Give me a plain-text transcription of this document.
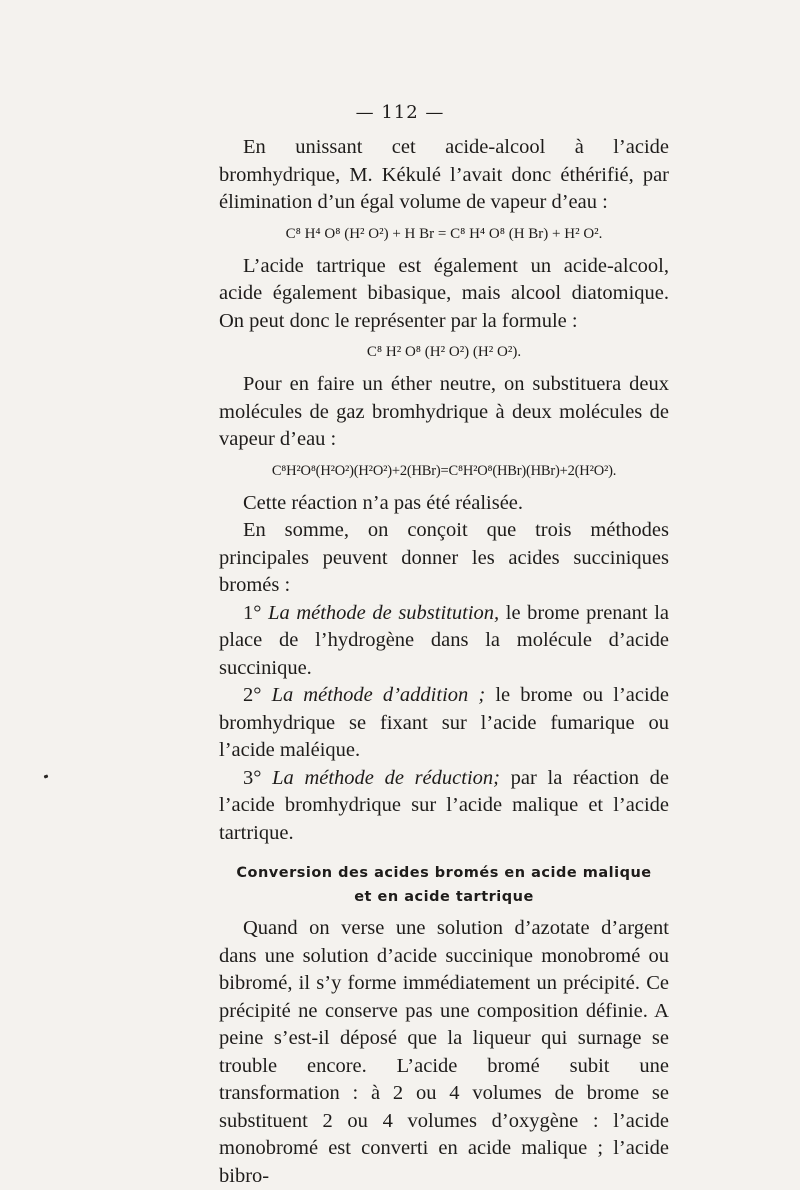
— 112 —

En unissant cet acide-alcool à l’acide bromhydrique, M. Kékulé l’avait donc éthérifié, par élimination d’un égal volume de vapeur d’eau :

C⁸ H⁴ O⁸ (H² O²) + H Br = C⁸ H⁴ O⁸ (H Br) + H² O².

L’acide tartrique est également un acide-alcool, acide également bibasique, mais alcool diatomique. On peut donc le représenter par la formule :

C⁸ H² O⁸ (H² O²) (H² O²).

Pour en faire un éther neutre, on substituera deux molécules de gaz bromhydrique à deux molécules de vapeur d’eau :

C⁸H²O⁸(H²O²)(H²O²)+2(HBr)=C⁸H²O⁸(HBr)(HBr)+2(H²O²).

Cette réaction n’a pas été réalisée.

En somme, on conçoit que trois méthodes principales peuvent donner les acides succiniques bromés :

1° La méthode de substitution, le brome prenant la place de l’hydrogène dans la molécule d’acide succinique.

2° La méthode d’addition ; le brome ou l’acide bromhydrique se fixant sur l’acide fumarique ou l’acide maléique.

3° La méthode de réduction; par la réaction de l’acide bromhydrique sur l’acide malique et l’acide tartrique.

Conversion des acides bromés en acide malique
et en acide tartrique

Quand on verse une solution d’azotate d’argent dans une solution d’acide succinique monobromé ou bibromé, il s’y forme immédiatement un précipité. Ce précipité ne conserve pas une composition définie. A peine s’est-il déposé que la liqueur qui surnage se trouble encore. L’acide bromé subit une transformation : à 2 ou 4 volumes de brome se substituent 2 ou 4 volumes d’oxygène : l’acide monobromé est converti en acide malique ; l’acide bibro-
